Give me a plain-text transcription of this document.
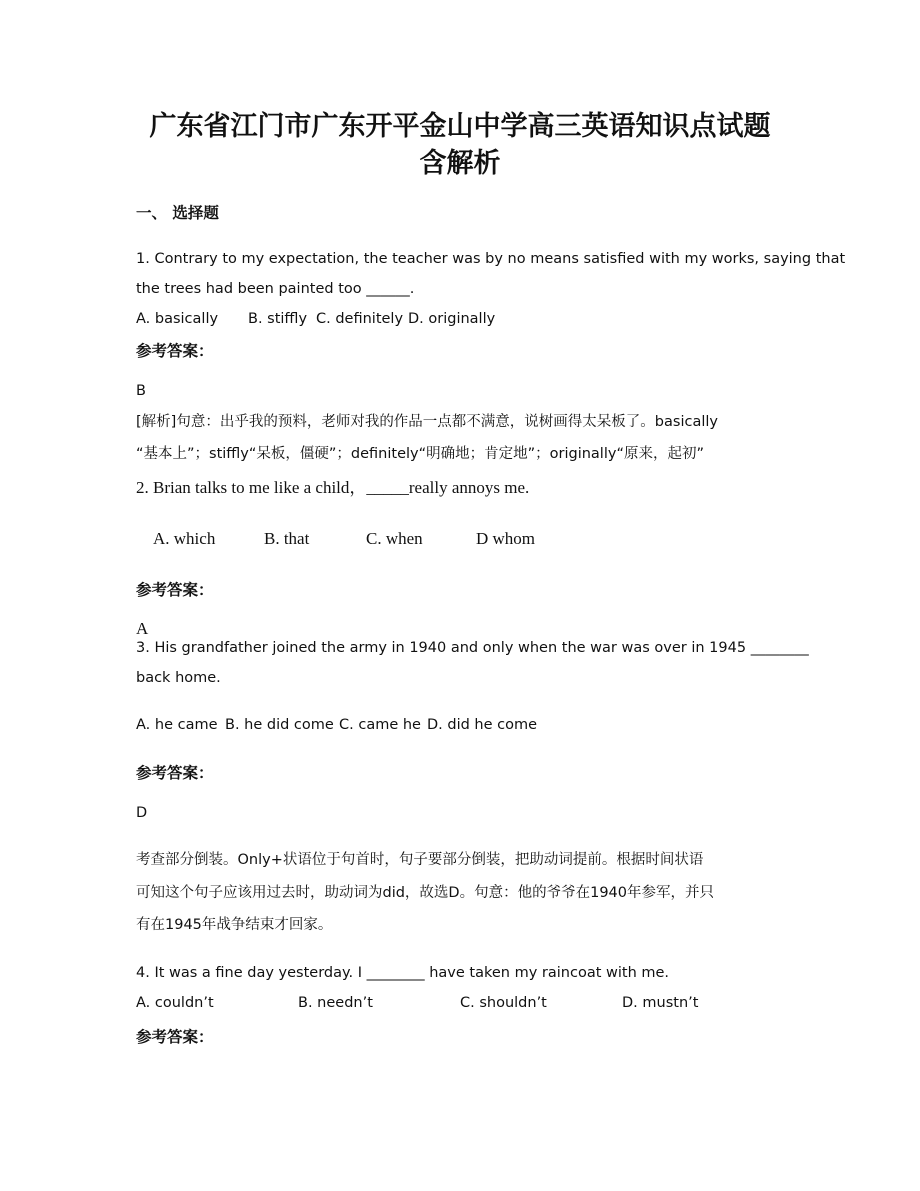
广东省江门市广东开平金山中学高三英语知识点试题
含解析
一、 选择题
1. Contrary to my expectation, the teacher was by no means satisfied with my works, saying that
the trees had been painted too ______.
A. basically B. stiffly C. definitely D. originally
参考答案：
B
[解析]句意：出乎我的预料，老师对我的作品一点都不满意，说树画得太呆板了。basically
“基本上”；stiffly“呆板，僵硬”；definitely“明确地；肯定地”；originally“原来，起初”
2. Brian talks to me like a child，_____really annoys me.
A. which	B. that	C. when	D whom
参考答案：
A
3. His grandfather joined the army in 1940 and only when the war was over in 1945 ________
back home.
A. he came B. he did come C. came he D. did he come
参考答案：
D
考查部分倒装。Only+状语位于句首时，句子要部分倒装，把助动词提前。根据时间状语
可知这个句子应该用过去时，助动词为did，故选D。句意：他的爷爷在1940年参军，并只
有在1945年战争结束才回家。
4. It was a fine day yesterday. I ________ have taken my raincoat with me.
A. couldn’t	B. needn’t	C. shouldn’t	D. mustn’t
参考答案：
